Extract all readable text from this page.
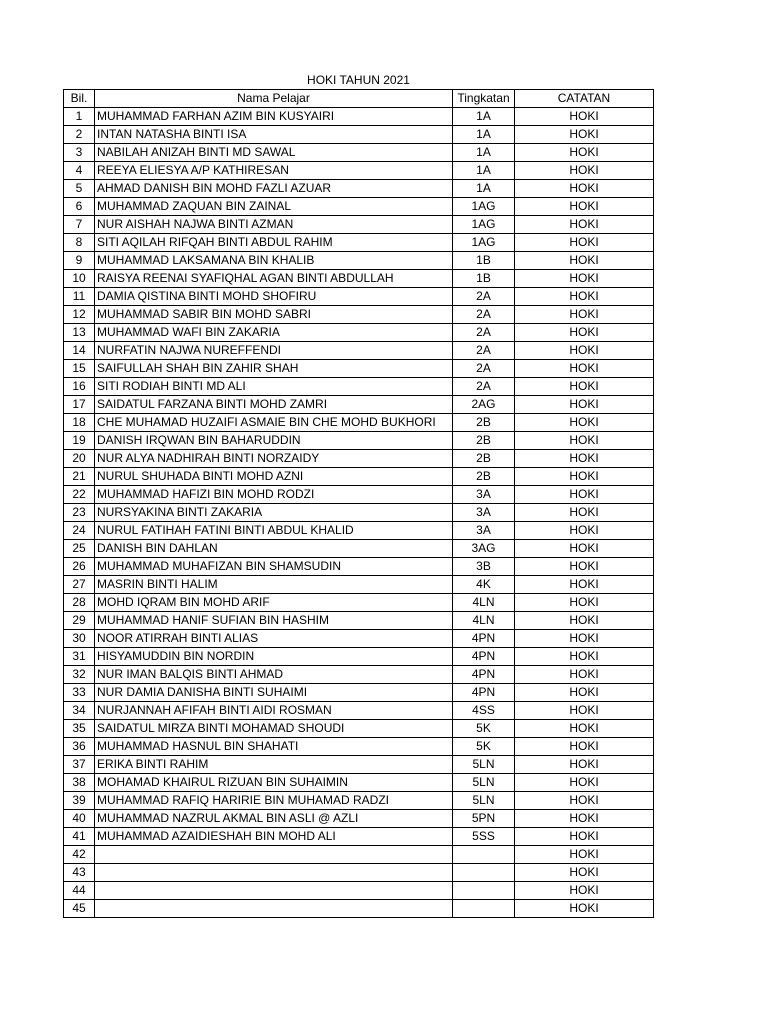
HOKI TAHUN 2021
Bil.	Nama Pelajar	Tingkatan	CATATAN
1	MUHAMMAD FARHAN AZIM BIN KUSYAIRI	1A	HOKI
2	INTAN NATASHA BINTI ISA	1A	HOKI
3	NABILAH ANIZAH BINTI MD SAWAL	1A	HOKI
4	REEYA ELIESYA A/P KATHIRESAN	1A	HOKI
5	AHMAD DANISH BIN MOHD FAZLI AZUAR	1A	HOKI
6	MUHAMMAD ZAQUAN BIN ZAINAL	1AG	HOKI
7	NUR AISHAH NAJWA BINTI AZMAN	1AG	HOKI
8	SITI AQILAH RIFQAH BINTI ABDUL RAHIM	1AG	HOKI
9	MUHAMMAD LAKSAMANA BIN KHALIB	1B	HOKI
10	RAISYA REENAI SYAFIQHAL AGAN BINTI ABDULLAH	1B	HOKI
11	DAMIA QISTINA BINTI MOHD SHOFIRU	2A	HOKI
12	MUHAMMAD SABIR BIN MOHD SABRI	2A	HOKI
13	MUHAMMAD WAFI BIN ZAKARIA	2A	HOKI
14	NURFATIN NAJWA NUREFFENDI	2A	HOKI
15	SAIFULLAH SHAH BIN ZAHIR SHAH	2A	HOKI
16	SITI RODIAH BINTI MD ALI	2A	HOKI
17	SAIDATUL FARZANA BINTI MOHD ZAMRI	2AG	HOKI
18	CHE MUHAMAD HUZAIFI ASMAIE BIN CHE MOHD BUKHORI	2B	HOKI
19	DANISH IRQWAN BIN BAHARUDDIN	2B	HOKI
20	NUR ALYA NADHIRAH BINTI NORZAIDY	2B	HOKI
21	NURUL SHUHADA BINTI MOHD AZNI	2B	HOKI
22	MUHAMMAD HAFIZI BIN MOHD RODZI	3A	HOKI
23	NURSYAKINA BINTI ZAKARIA	3A	HOKI
24	NURUL FATIHAH FATINI BINTI ABDUL KHALID	3A	HOKI
25	DANISH BIN DAHLAN	3AG	HOKI
26	MUHAMMAD MUHAFIZAN BIN SHAMSUDIN	3B	HOKI
27	MASRIN BINTI HALIM	4K	HOKI
28	MOHD IQRAM BIN MOHD ARIF	4LN	HOKI
29	MUHAMMAD HANIF SUFIAN BIN HASHIM	4LN	HOKI
30	NOOR ATIRRAH BINTI ALIAS	4PN	HOKI
31	HISYAMUDDIN BIN NORDIN	4PN	HOKI
32	NUR IMAN BALQIS BINTI AHMAD	4PN	HOKI
33	NUR DAMIA DANISHA BINTI SUHAIMI	4PN	HOKI
34	NURJANNAH AFIFAH BINTI AIDI ROSMAN	4SS	HOKI
35	SAIDATUL MIRZA BINTI MOHAMAD SHOUDI	5K	HOKI
36	MUHAMMAD HASNUL BIN SHAHATI	5K	HOKI
37	ERIKA BINTI RAHIM	5LN	HOKI
38	MOHAMAD KHAIRUL RIZUAN BIN SUHAIMIN	5LN	HOKI
39	MUHAMMAD RAFIQ HARIRIE BIN MUHAMAD RADZI	5LN	HOKI
40	MUHAMMAD NAZRUL AKMAL BIN ASLI @ AZLI	5PN	HOKI
41	MUHAMMAD AZAIDIESHAH BIN MOHD ALI	5SS	HOKI
42			HOKI
43			HOKI
44			HOKI
45			HOKI
